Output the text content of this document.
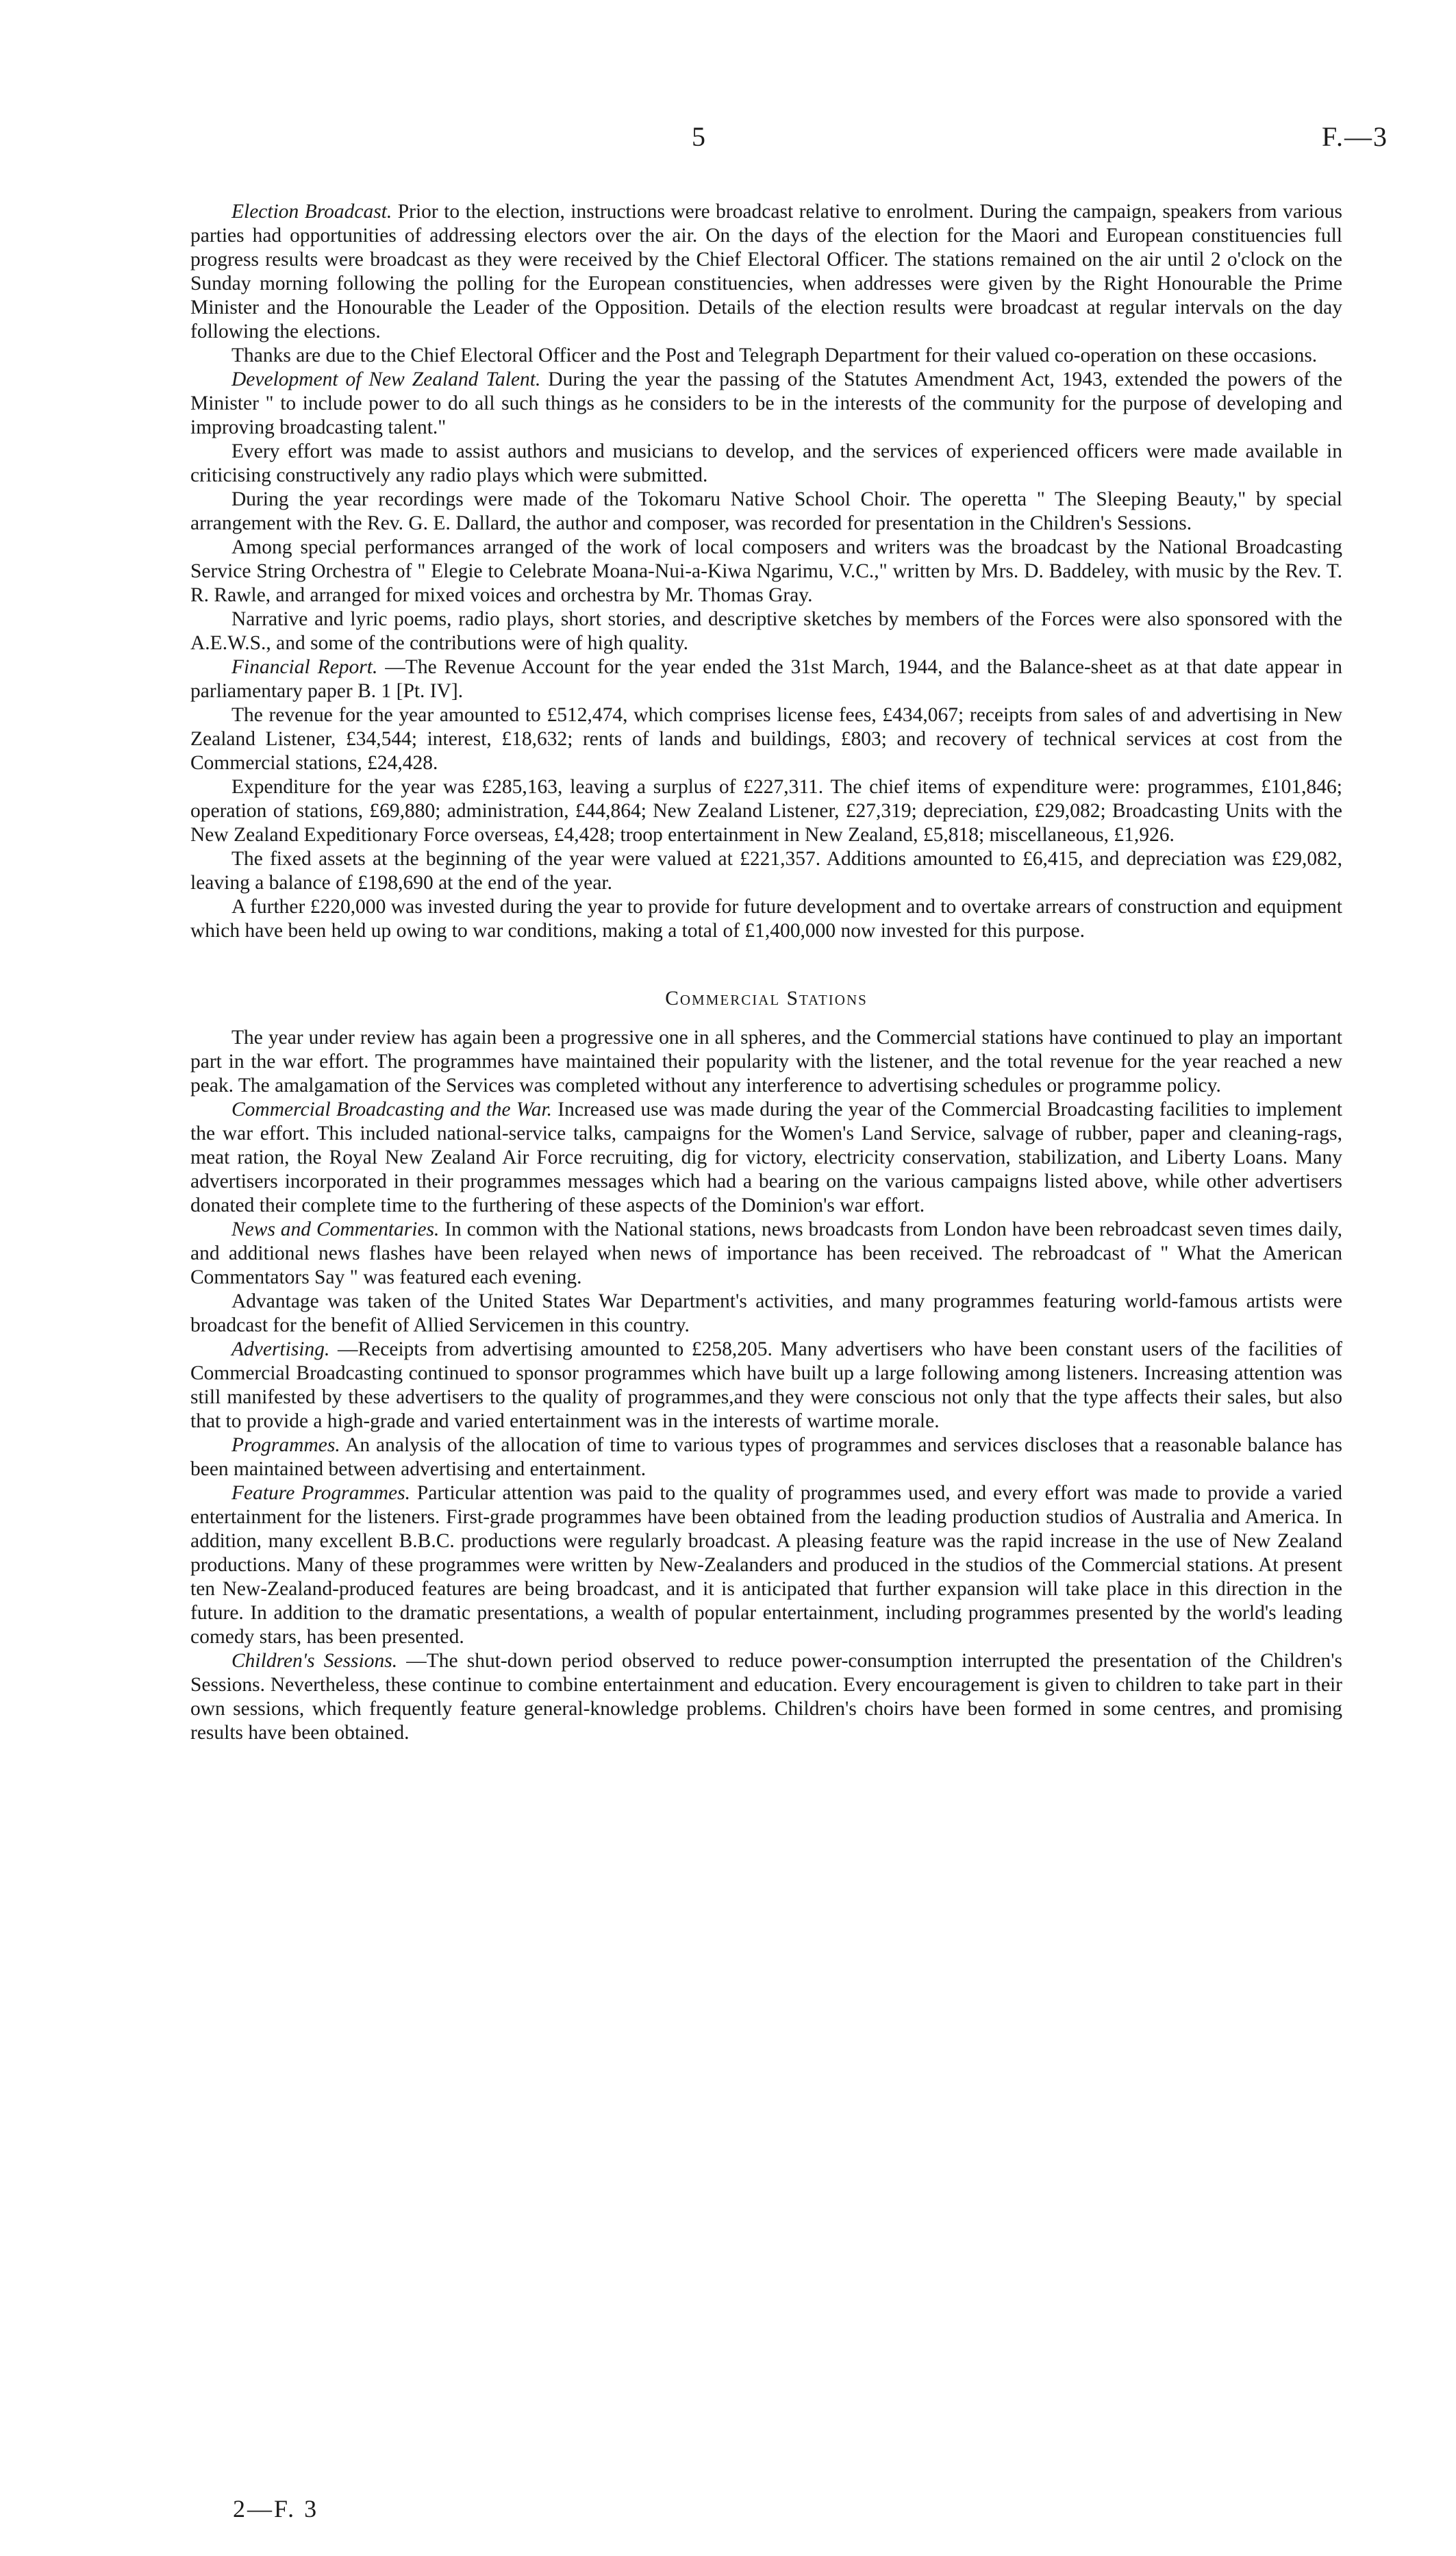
5	F.—3

Election Broadcast. Prior to the election, instructions were broadcast relative to enrolment. During the campaign, speakers from various parties had opportunities of addressing electors over the air. On the days of the election for the Maori and European constituencies full progress results were broadcast as they were received by the Chief Electoral Officer. The stations remained on the air until 2 o'clock on the Sunday morning following the polling for the European constituencies, when addresses were given by the Right Honourable the Prime Minister and the Honourable the Leader of the Opposition. Details of the election results were broadcast at regular intervals on the day following the elections.

Thanks are due to the Chief Electoral Officer and the Post and Telegraph Department for their valued co-operation on these occasions.

Development of New Zealand Talent. During the year the passing of the Statutes Amendment Act, 1943, extended the powers of the Minister " to include power to do all such things as he considers to be in the interests of the community for the purpose of developing and improving broadcasting talent."

Every effort was made to assist authors and musicians to develop, and the services of experienced officers were made available in criticising constructively any radio plays which were submitted.

During the year recordings were made of the Tokomaru Native School Choir. The operetta " The Sleeping Beauty," by special arrangement with the Rev. G. E. Dallard, the author and composer, was recorded for presentation in the Children's Sessions.

Among special performances arranged of the work of local composers and writers was the broadcast by the National Broadcasting Service String Orchestra of " Elegie to Celebrate Moana-Nui-a-Kiwa Ngarimu, V.C.," written by Mrs. D. Baddeley, with music by the Rev. T. R. Rawle, and arranged for mixed voices and orchestra by Mr. Thomas Gray.

Narrative and lyric poems, radio plays, short stories, and descriptive sketches by members of the Forces were also sponsored with the A.E.W.S., and some of the contributions were of high quality.

Financial Report. —The Revenue Account for the year ended the 31st March, 1944, and the Balance-sheet as at that date appear in parliamentary paper B. 1 [Pt. IV].

The revenue for the year amounted to £512,474, which comprises license fees, £434,067; receipts from sales of and advertising in New Zealand Listener, £34,544; interest, £18,632; rents of lands and buildings, £803; and recovery of technical services at cost from the Commercial stations, £24,428.

Expenditure for the year was £285,163, leaving a surplus of £227,311. The chief items of expenditure were: programmes, £101,846; operation of stations, £69,880; administration, £44,864; New Zealand Listener, £27,319; depreciation, £29,082; Broadcasting Units with the New Zealand Expeditionary Force overseas, £4,428; troop entertainment in New Zealand, £5,818; miscellaneous, £1,926.

The fixed assets at the beginning of the year were valued at £221,357. Additions amounted to £6,415, and depreciation was £29,082, leaving a balance of £198,690 at the end of the year.

A further £220,000 was invested during the year to provide for future development and to overtake arrears of construction and equipment which have been held up owing to war conditions, making a total of £1,400,000 now invested for this purpose.

Commercial Stations

The year under review has again been a progressive one in all spheres, and the Commercial stations have continued to play an important part in the war effort. The programmes have maintained their popularity with the listener, and the total revenue for the year reached a new peak. The amalgamation of the Services was completed without any interference to advertising schedules or programme policy.

Commercial Broadcasting and the War. Increased use was made during the year of the Commercial Broadcasting facilities to implement the war effort. This included national-service talks, campaigns for the Women's Land Service, salvage of rubber, paper and cleaning-rags, meat ration, the Royal New Zealand Air Force recruiting, dig for victory, electricity conservation, stabilization, and Liberty Loans. Many advertisers incorporated in their programmes messages which had a bearing on the various campaigns listed above, while other advertisers donated their complete time to the furthering of these aspects of the Dominion's war effort.

News and Commentaries. In common with the National stations, news broadcasts from London have been rebroadcast seven times daily, and additional news flashes have been relayed when news of importance has been received. The rebroadcast of " What the American Commentators Say " was featured each evening.

Advantage was taken of the United States War Department's activities, and many programmes featuring world-famous artists were broadcast for the benefit of Allied Servicemen in this country.

Advertising. —Receipts from advertising amounted to £258,205. Many advertisers who have been constant users of the facilities of Commercial Broadcasting continued to sponsor programmes which have built up a large following among listeners. Increasing attention was still manifested by these advertisers to the quality of programmes,and they were conscious not only that the type affects their sales, but also that to provide a high-grade and varied entertainment was in the interests of wartime morale.

Programmes. An analysis of the allocation of time to various types of programmes and services discloses that a reasonable balance has been maintained between advertising and entertainment.

Feature Programmes. Particular attention was paid to the quality of programmes used, and every effort was made to provide a varied entertainment for the listeners. First-grade programmes have been obtained from the leading production studios of Australia and America. In addition, many excellent B.B.C. productions were regularly broadcast. A pleasing feature was the rapid increase in the use of New Zealand productions. Many of these programmes were written by New-Zealanders and produced in the studios of the Commercial stations. At present ten New-Zealand-produced features are being broadcast, and it is anticipated that further expansion will take place in this direction in the future. In addition to the dramatic presentations, a wealth of popular entertainment, including programmes presented by the world's leading comedy stars, has been presented.

Children's Sessions. —The shut-down period observed to reduce power-consumption interrupted the presentation of the Children's Sessions. Nevertheless, these continue to combine entertainment and education. Every encouragement is given to children to take part in their own sessions, which frequently feature general-knowledge problems. Children's choirs have been formed in some centres, and promising results have been obtained.

2—F. 3
